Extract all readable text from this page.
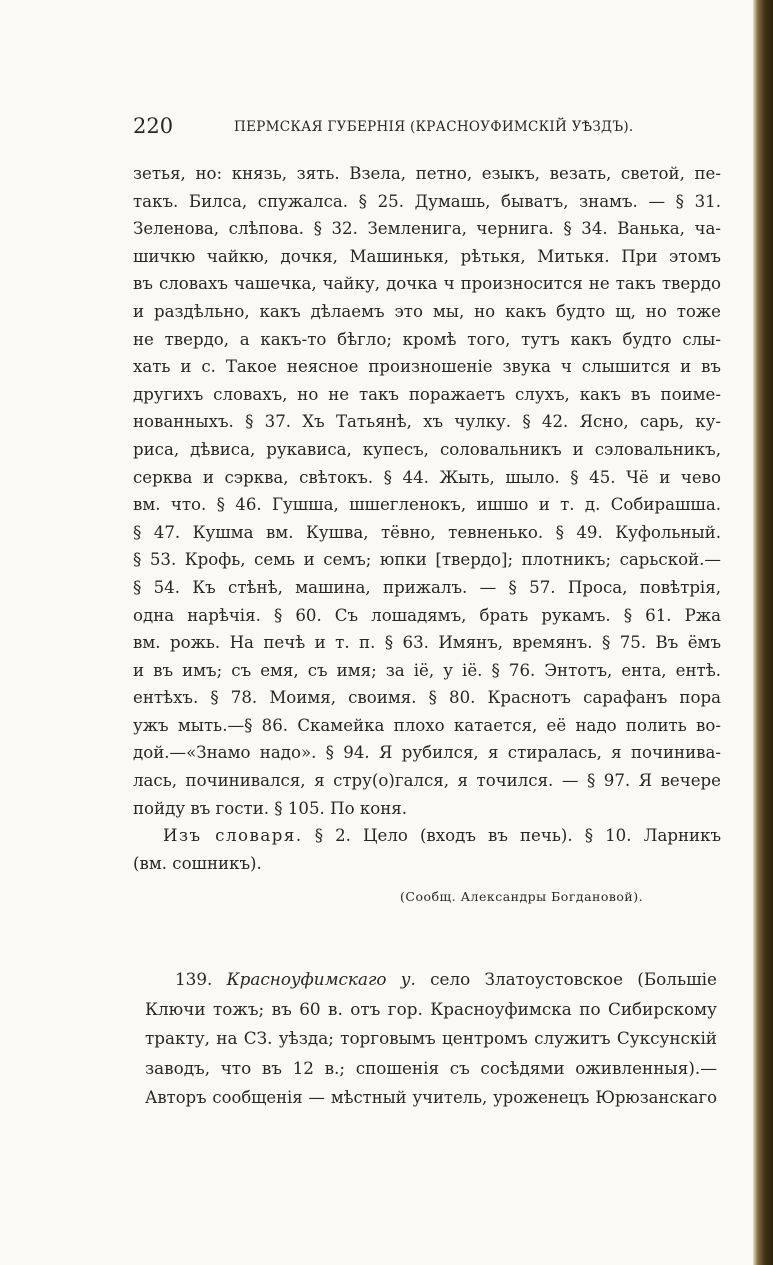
220	ПЕРМСКАЯ ГУБЕРНІЯ (КРАСНОУФИМСКІЙ УѢЗДЪ).
зетья, но: князь, зять. Взела, петно, езыкъ, везать, светой, пе-
такъ. Билса, спужалса. § 25. Думашь, быватъ, знамъ. — § 31.
Зеленова, слѣпова. § 32. Земленига, чернига. § 34. Ванька, ча-
шичкю чайкю, дочкя, Машинькя, рѣтькя, Митькя. При этомъ
въ словахъ чашечка, чайку, дочка ч произносится не такъ твердо
и раздѣльно, какъ дѣлаемъ это мы, но какъ будто щ, но тоже
не твердо, а какъ-то бѣгло; кромѣ того, тутъ какъ будто слы-
хать и с. Такое неясное произношеніе звука ч слышится и въ
другихъ словахъ, но не такъ поражаетъ слухъ, какъ въ поиме-
нованныхъ. § 37. Хъ Татьянѣ, хъ чулку. § 42. Ясно, сарь, ку-
риса, дѣвиса, рукависа, купесъ, соловальникъ и сэловальникъ,
серква и сэрква, свѣтокъ. § 44. Жыть, шыло. § 45. Чё и чево
вм. что. § 46. Гушша, шшегленокъ, ишшо и т. д. Собирашша.
§ 47. Кушма вм. Кушва, тёвно, тевненько. § 49. Куфольный.
§ 53. Крофь, семь и семъ; юпки [твердо]; плотникъ; сарьской.—
§ 54. Къ стѣнѣ, машина, прижалъ. — § 57. Проса, повѣтрія,
одна нарѣчія. § 60. Съ лошадямъ, брать рукамъ. § 61. Ржа
вм. рожь. На печѣ и т. п. § 63. Имянъ, времянъ. § 75. Въ ёмъ
и въ имъ; съ емя, съ имя; за iё, у iё. § 76. Энтотъ, ента, ентѣ.
ентѣхъ. § 78. Моимя, своимя. § 80. Краснотъ сарафанъ пора
ужъ мыть.—§ 86. Скамейка плохо катается, её надо полить во-
дой.—«Знамо надо». § 94. Я рубился, я стиралась, я починива-
лась, починивался, я стру(о)гался, я точился. — § 97. Я вечере
пойду въ гости. § 105. По коня.
Изъ словаря. § 2. Цело (входъ въ печь). § 10. Ларникъ
(вм. сошникъ).
(Сообщ. Александры Богдановой).
139. Красноуфимскаго у. село Златоустовское (Большіе
Ключи тожъ; въ 60 в. отъ гор. Красноуфимска по Сибирскому
тракту, на СЗ. уѣзда; торговымъ центромъ служитъ Суксунскій
заводъ, что въ 12 в.; спошенія съ сосѣдями оживленныя).—
Авторъ сообщенія — мѣстный учитель, уроженецъ Юрюзанскаго
